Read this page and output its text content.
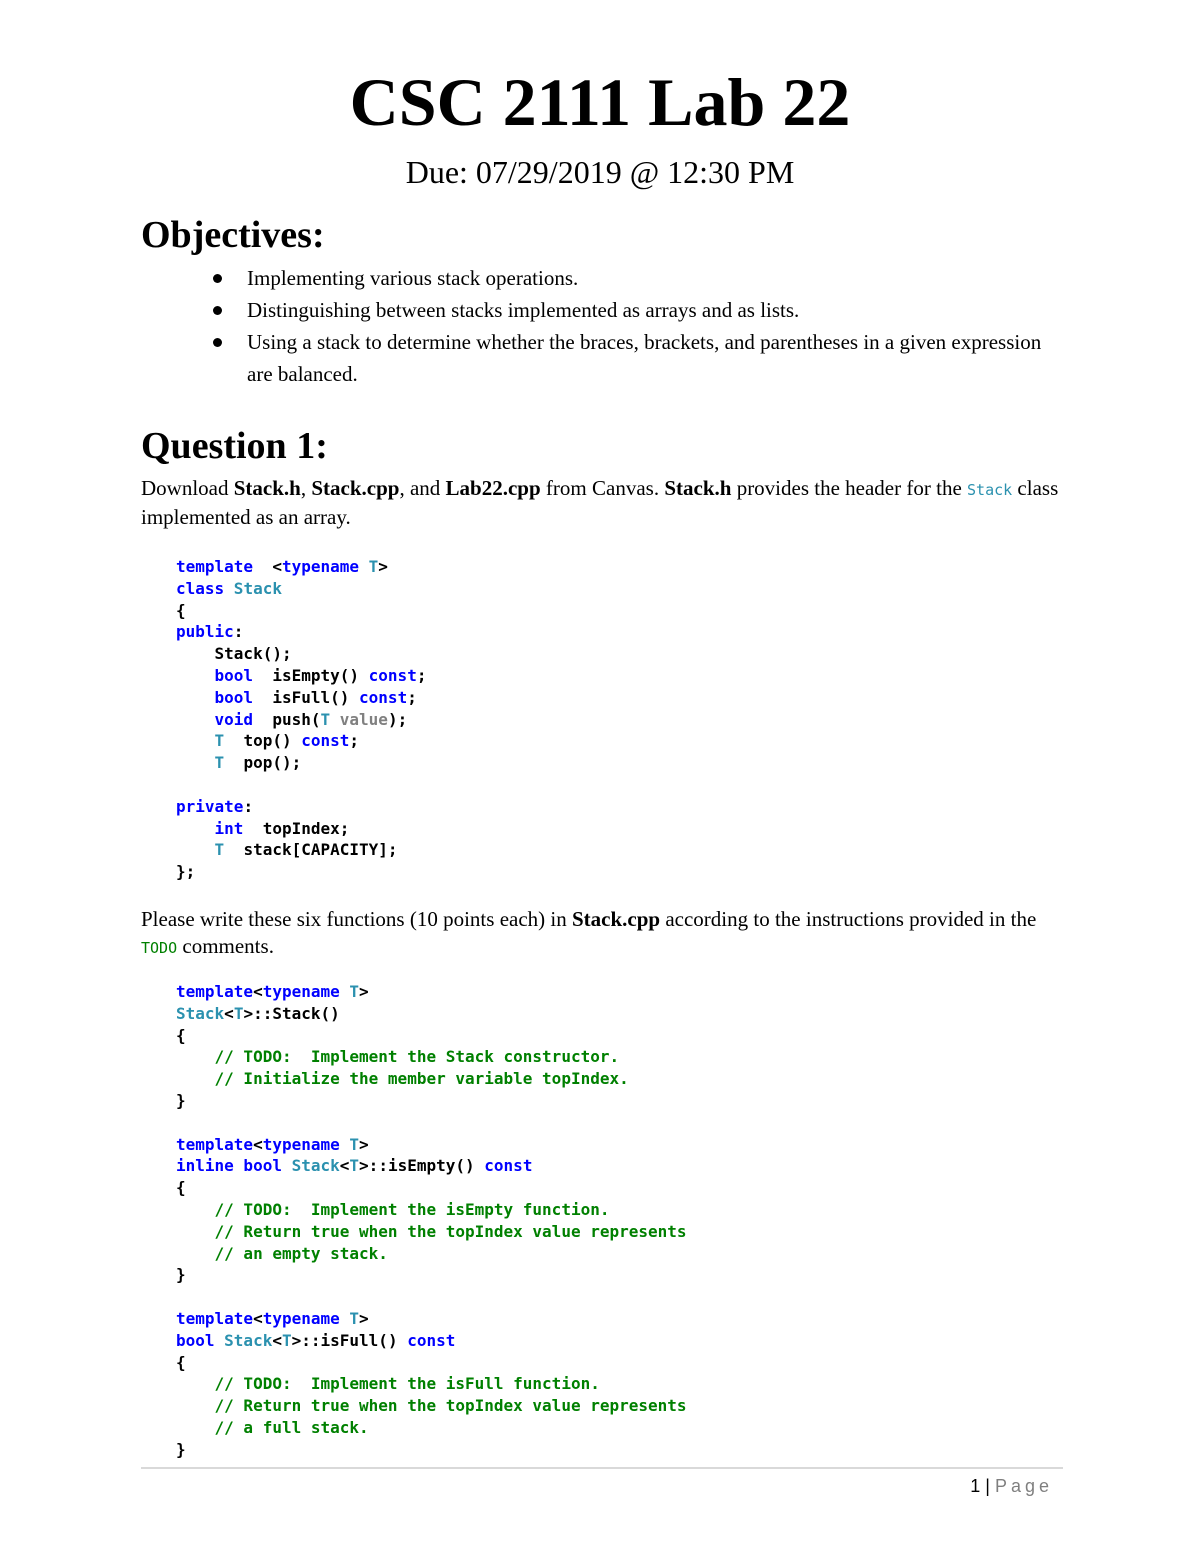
CSC 2111 Lab 22
Due: 07/29/2019 @ 12:30 PM
Objectives:
Implementing various stack operations.
Distinguishing between stacks implemented as arrays and as lists.
Using a stack to determine whether the braces, brackets, and parentheses in a given expression are balanced.
Question 1:
Download Stack.h, Stack.cpp, and Lab22.cpp from Canvas. Stack.h provides the header for the Stack class implemented as an array.
template  <typename T>
class Stack
{
public:
Stack();
bool  isEmpty() const;
bool  isFull() const;
void  push(T value);
T  top() const;
T  pop();

private:
int  topIndex;
T  stack[CAPACITY];
};
Please write these six functions (10 points each) in Stack.cpp according to the instructions provided in the TODO comments.
template<typename T>
Stack<T>::Stack()
{
// TODO:  Implement the Stack constructor.
// Initialize the member variable topIndex.
}

template<typename T>
inline bool Stack<T>::isEmpty() const
{
// TODO:  Implement the isEmpty function.
// Return true when the topIndex value represents
// an empty stack.
}

template<typename T>
bool Stack<T>::isFull() const
{
// TODO:  Implement the isFull function.
// Return true when the topIndex value represents
// a full stack.
}
1 | Page
